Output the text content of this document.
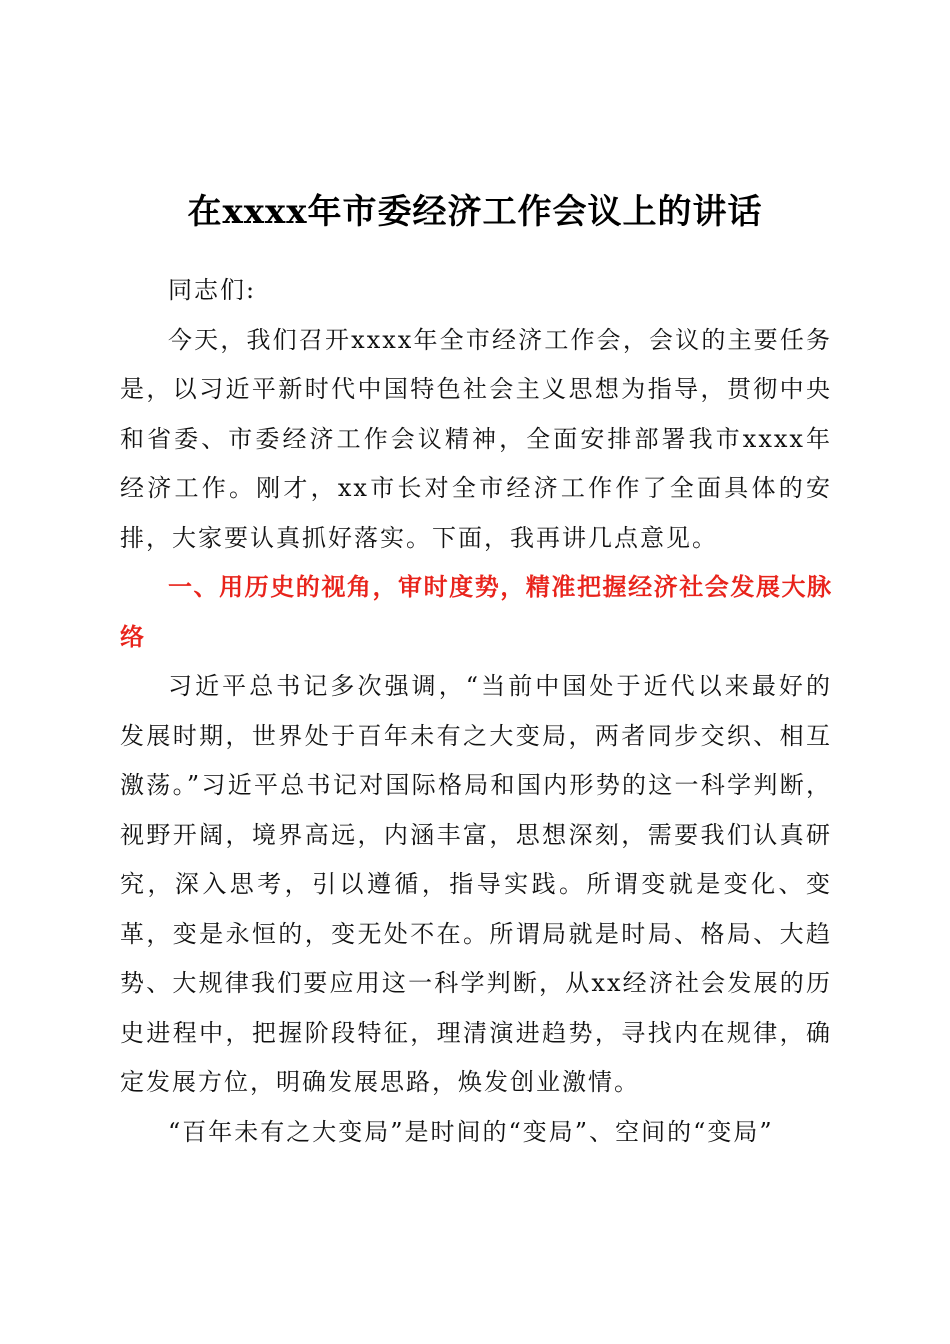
在xxxx年市委经济工作会议上的讲话

同志们:

今天，我们召开xxxx年全市经济工作会，会议的主要任务是，以习近平新时代中国特色社会主义思想为指导，贯彻中央和省委、市委经济工作会议精神，全面安排部署我市xxxx年经济工作。刚才，xx市长对全市经济工作作了全面具体的安排，大家要认真抓好落实。下面，我再讲几点意见。

一、用历史的视角，审时度势，精准把握经济社会发展大脉络

习近平总书记多次强调，“当前中国处于近代以来最好的发展时期，世界处于百年未有之大变局，两者同步交织、相互激荡。”习近平总书记对国际格局和国内形势的这一科学判断，视野开阔，境界高远，内涵丰富，思想深刻，需要我们认真研究，深入思考，引以遵循，指导实践。所谓变就是变化、变革，变是永恒的，变无处不在。所谓局就是时局、格局、大趋势、大规律我们要应用这一科学判断，从xx经济社会发展的历史进程中，把握阶段特征，理清演进趋势，寻找内在规律，确定发展方位，明确发展思路，焕发创业激情。

“百年未有之大变局”是时间的“变局”、空间的“变局”
